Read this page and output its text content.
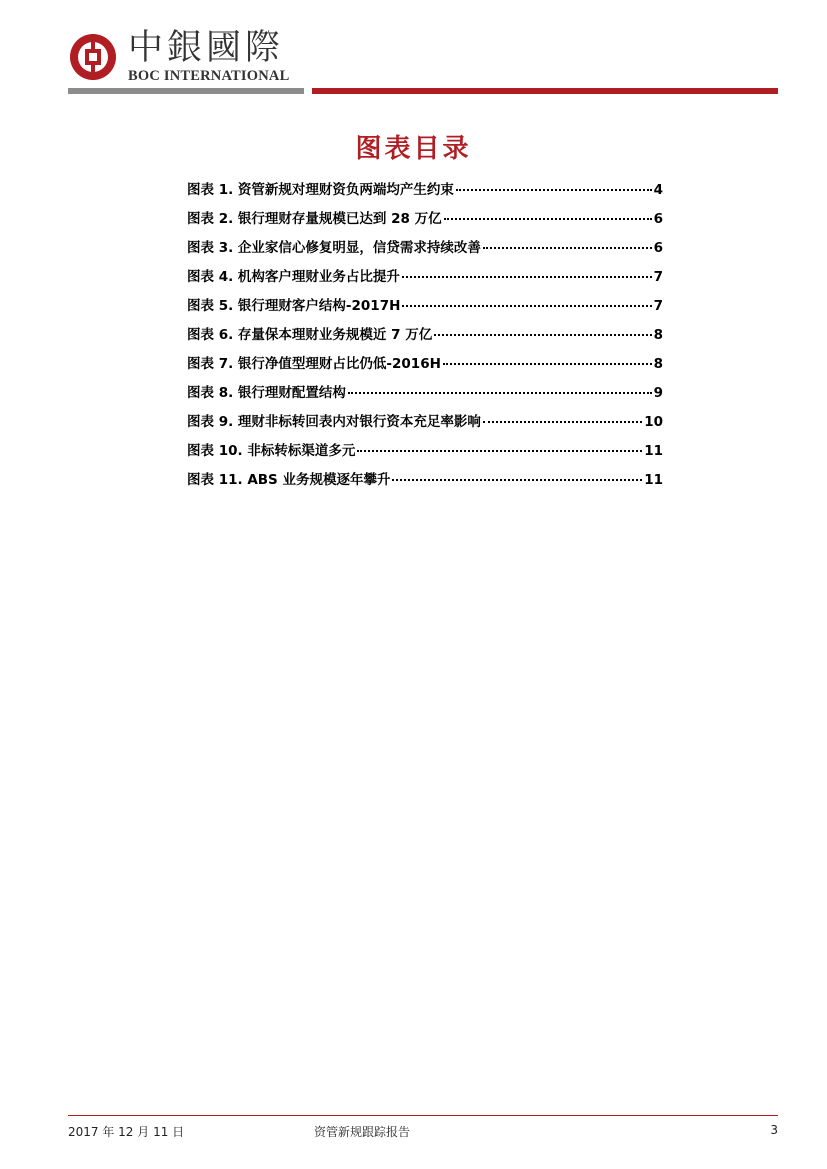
中銀國際
BOC INTERNATIONAL
图表目录
图表 1. 资管新规对理财资负两端均产生约束	4
图表 2. 银行理财存量规模已达到 28 万亿	6
图表 3. 企业家信心修复明显，信贷需求持续改善	6
图表 4. 机构客户理财业务占比提升	7
图表 5. 银行理财客户结构-2017H	7
图表 6. 存量保本理财业务规模近 7 万亿	8
图表 7. 银行净值型理财占比仍低-2016H	8
图表 8. 银行理财配置结构	9
图表 9. 理财非标转回表内对银行资本充足率影响	10
图表 10. 非标转标渠道多元	11
图表 11. ABS 业务规模逐年攀升	11
2017 年 12 月 11 日	资管新规跟踪报告	3
